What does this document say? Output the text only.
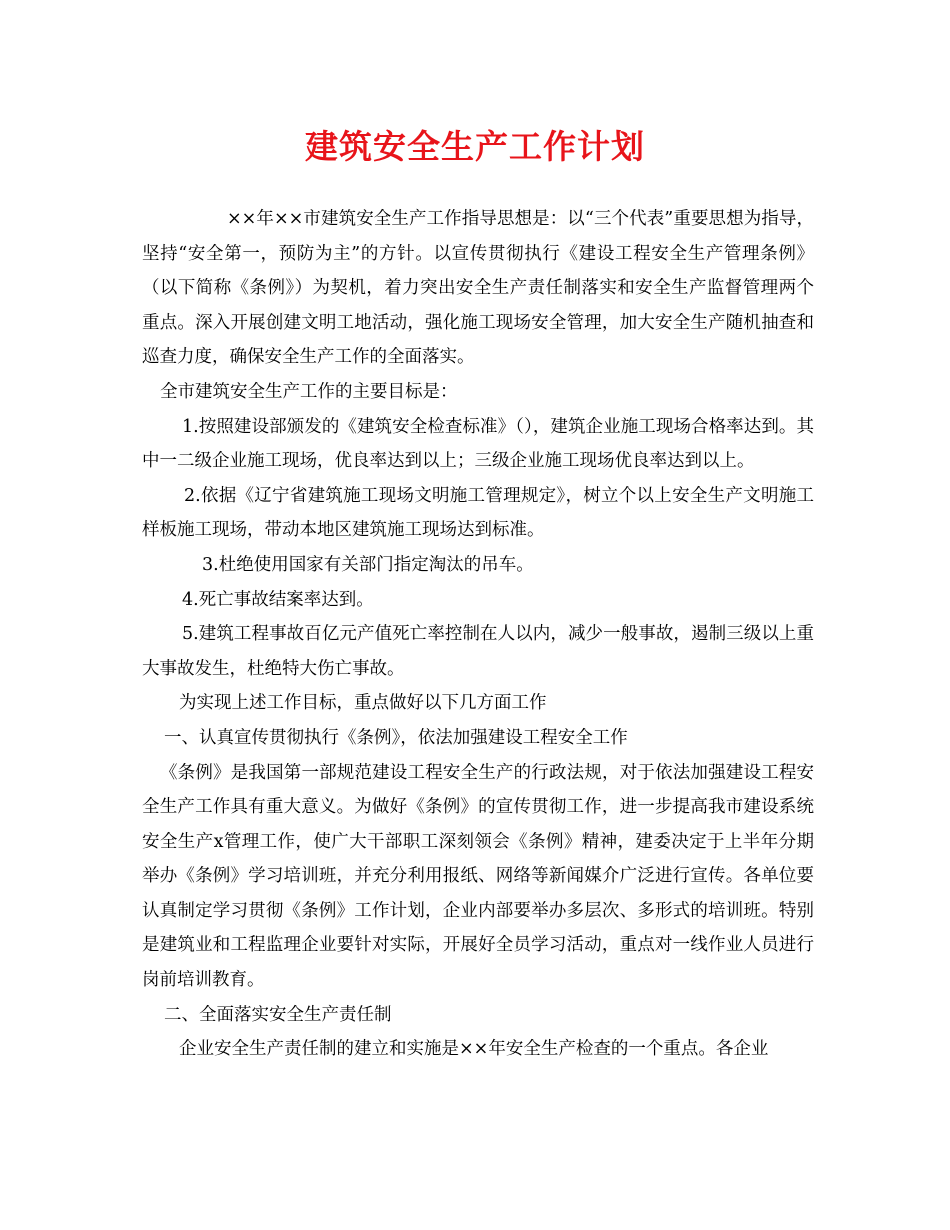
建筑安全生产工作计划

××年××市建筑安全生产工作指导思想是：以“三个代表”重要思想为指导，坚持“安全第一，预防为主”的方针。以宣传贯彻执行《建设工程安全生产管理条例》（以下简称《条例》）为契机，着力突出安全生产责任制落实和安全生产监督管理两个重点。深入开展创建文明工地活动，强化施工现场安全管理，加大安全生产随机抽查和巡查力度，确保安全生产工作的全面落实。

全市建筑安全生产工作的主要目标是：

1.按照建设部颁发的《建筑安全检查标准》（），建筑企业施工现场合格率达到。其中一二级企业施工现场，优良率达到以上；三级企业施工现场优良率达到以上。

2.依据《辽宁省建筑施工现场文明施工管理规定》，树立个以上安全生产文明施工样板施工现场，带动本地区建筑施工现场达到标准。

3.杜绝使用国家有关部门指定淘汰的吊车。

4.死亡事故结案率达到。

5.建筑工程事故百亿元产值死亡率控制在人以内，减少一般事故，遏制三级以上重大事故发生，杜绝特大伤亡事故。

为实现上述工作目标，重点做好以下几方面工作

一、认真宣传贯彻执行《条例》，依法加强建设工程安全工作

《条例》是我国第一部规范建设工程安全生产的行政法规，对于依法加强建设工程安全生产工作具有重大意义。为做好《条例》的宣传贯彻工作，进一步提高我市建设系统安全生产x管理工作，使广大干部职工深刻领会《条例》精神，建委决定于上半年分期举办《条例》学习培训班，并充分利用报纸、网络等新闻媒介广泛进行宣传。各单位要认真制定学习贯彻《条例》工作计划，企业内部要举办多层次、多形式的培训班。特别是建筑业和工程监理企业要针对实际，开展好全员学习活动，重点对一线作业人员进行岗前培训教育。

二、全面落实安全生产责任制

企业安全生产责任制的建立和实施是××年安全生产检查的一个重点。各企业
